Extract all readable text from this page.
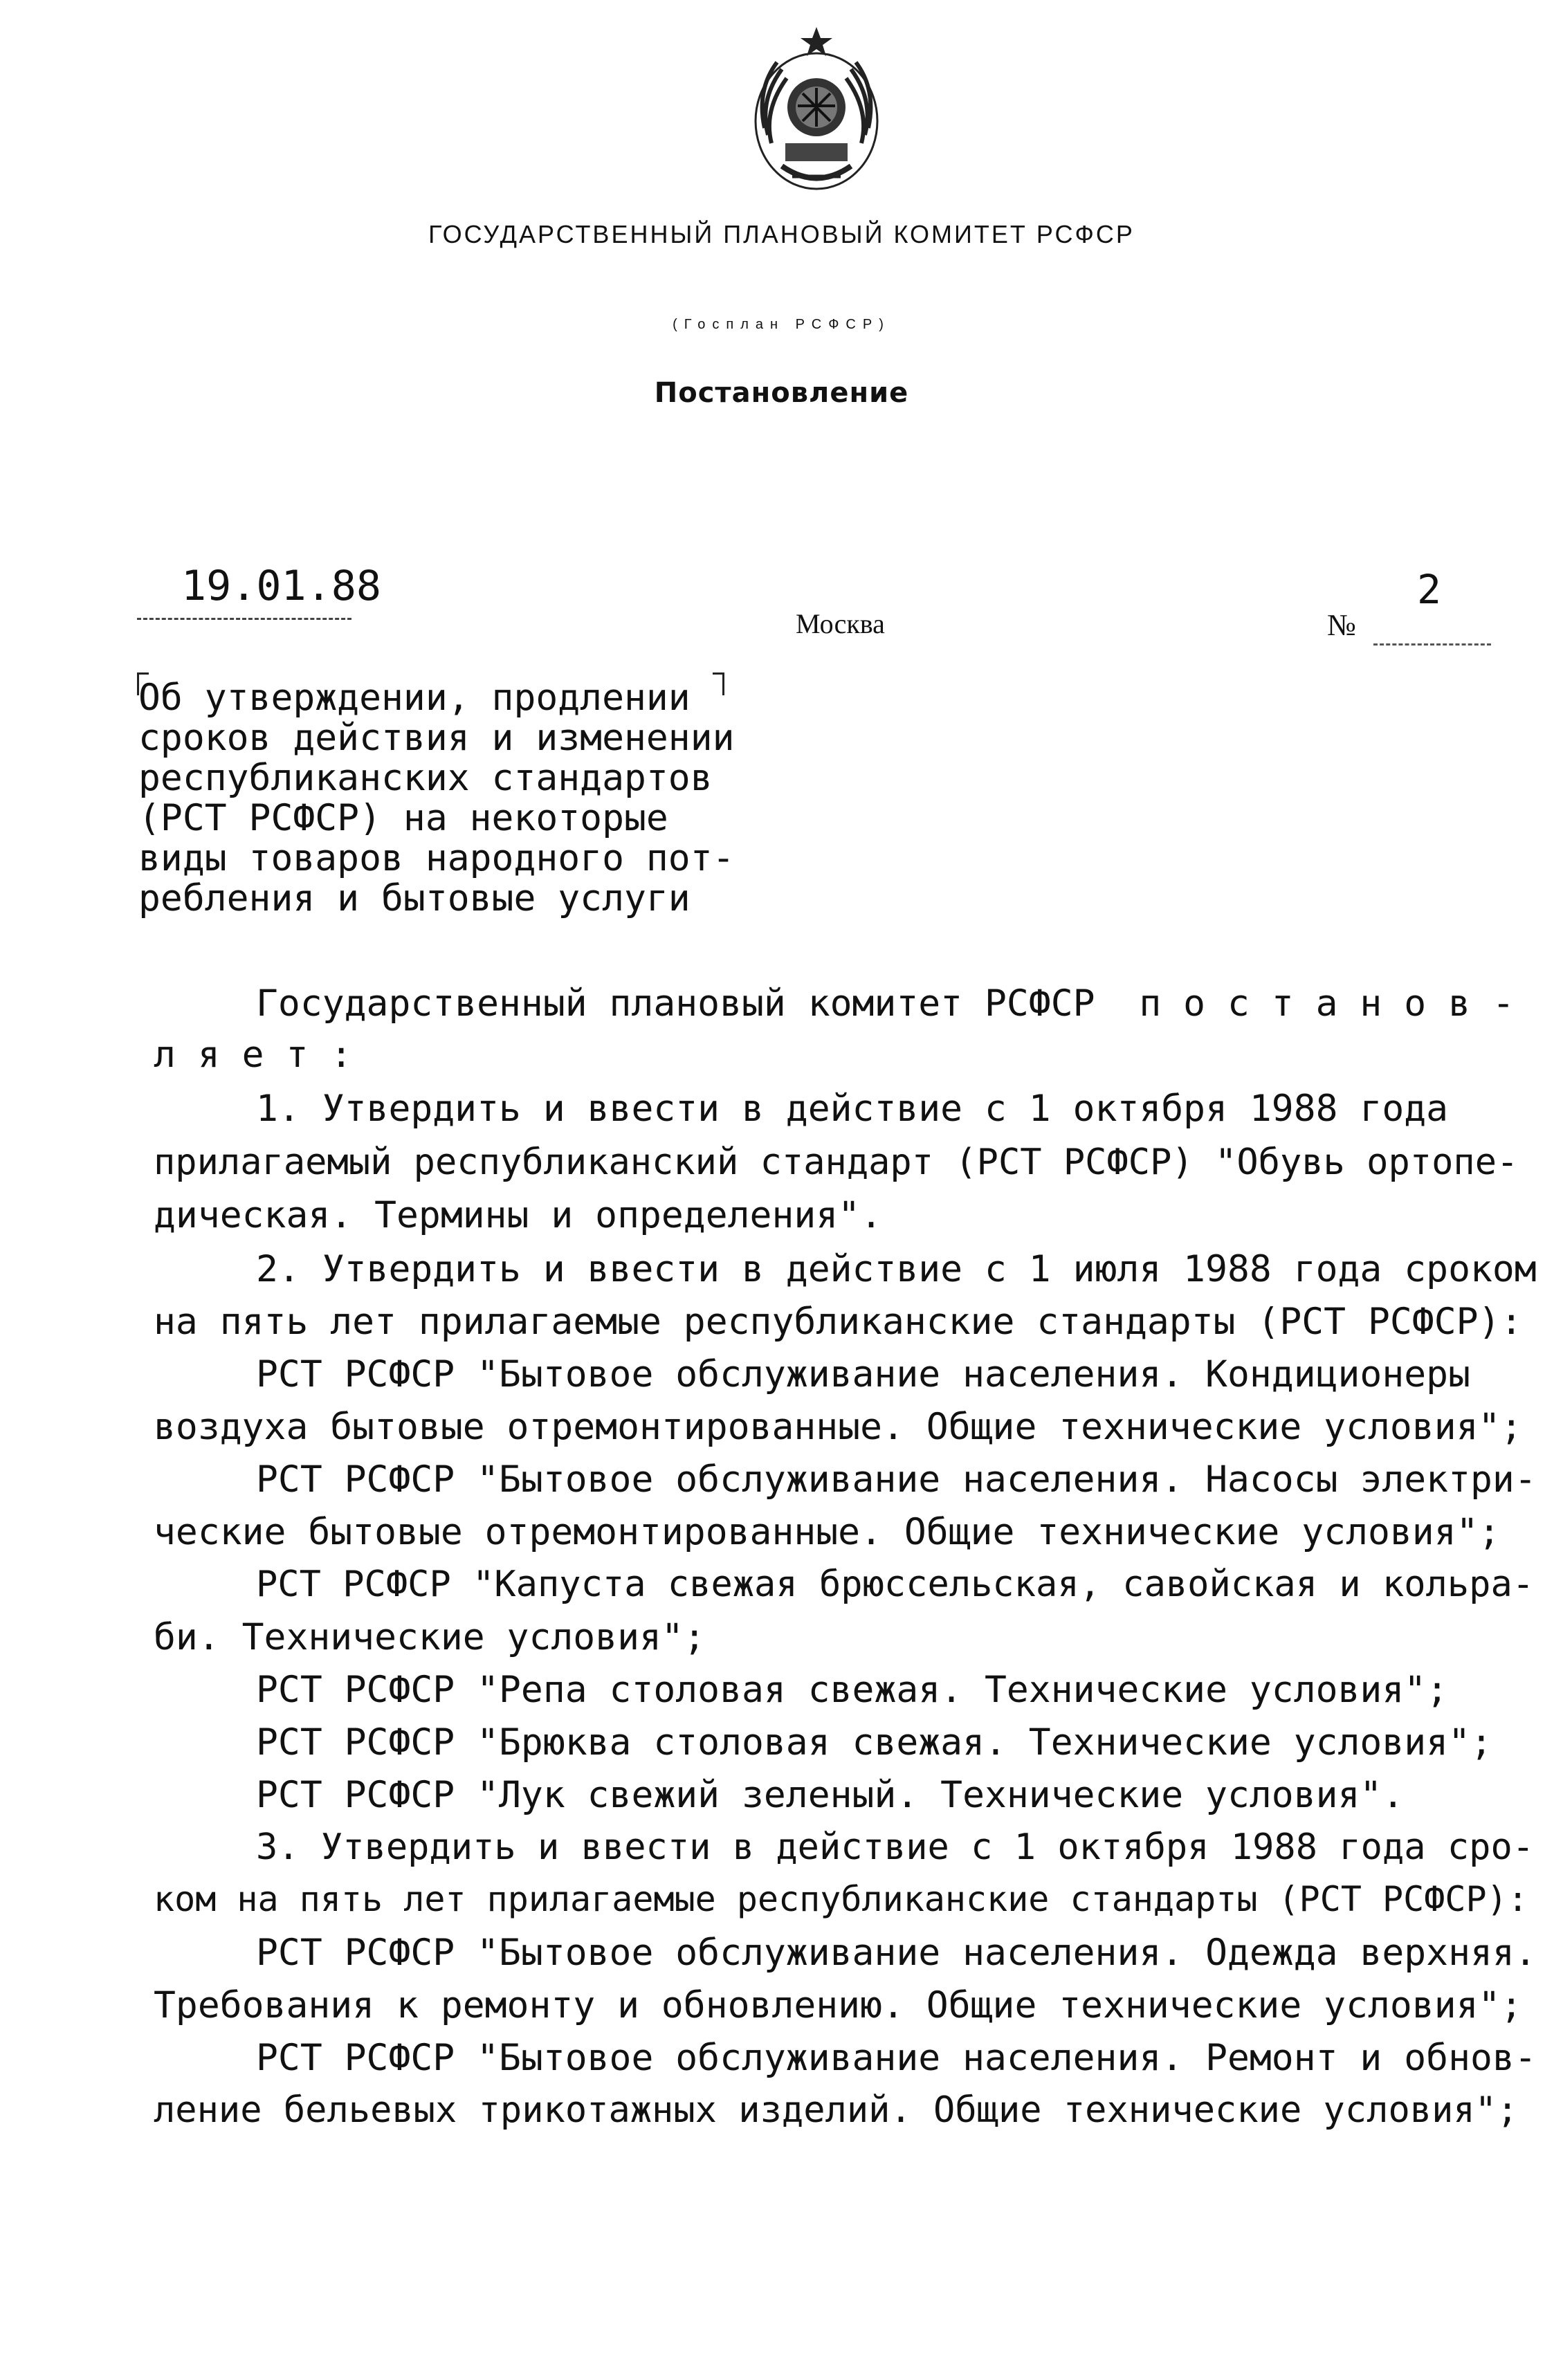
ГОСУДАРСТВЕННЫЙ ПЛАНОВЫЙ КОМИТЕТ РСФСР
(Госплан РСФСР)
Постановление
19.01.88
Москва	№
2
Об утверждении, продлении
сроков действия и изменении
республиканских стандартов
(РСТ РСФСР) на некоторые
виды товаров народного пот-
ребления и бытовые услуги
Государственный плановый комитет РСФСР  п о с т а н о в -
л я е т :
1. Утвердить и ввести в действие с 1 октября 1988 года
прилагаемый республиканский стандарт (РСТ РСФСР) "Обувь ортопе-
дическая. Термины и определения".
2. Утвердить и ввести в действие с 1 июля 1988 года сроком
на пять лет прилагаемые республиканские стандарты (РСТ РСФСР):
РСТ РСФСР "Бытовое обслуживание населения. Кондиционеры
воздуха бытовые отремонтированные. Общие технические условия";
РСТ РСФСР "Бытовое обслуживание населения. Насосы электри-
ческие бытовые отремонтированные. Общие технические условия";
РСТ РСФСР "Капуста свежая брюссельская, савойская и кольра-
би. Технические условия";
РСТ РСФСР "Репа столовая свежая. Технические условия";
РСТ РСФСР "Брюква столовая свежая. Технические условия";
РСТ РСФСР "Лук свежий зеленый. Технические условия".
3. Утвердить и ввести в действие с 1 октября 1988 года сро-
ком на пять лет прилагаемые республиканские стандарты (РСТ РСФСР):
РСТ РСФСР "Бытовое обслуживание населения. Одежда верхняя.
Требования к ремонту и обновлению. Общие технические условия";
РСТ РСФСР "Бытовое обслуживание населения. Ремонт и обнов-
ление бельевых трикотажных изделий. Общие технические условия";
